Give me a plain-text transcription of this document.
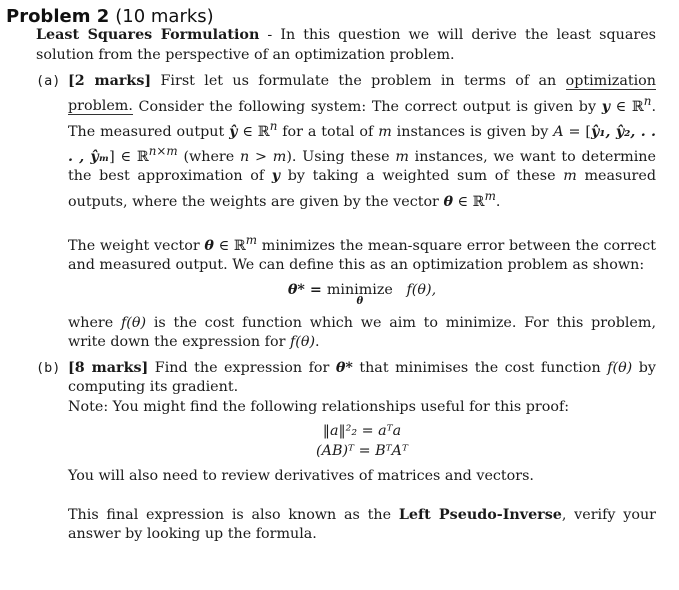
Problem 2 (10 marks)
Least Squares Formulation - In this question we will derive the least squares solution from the perspective of an optimization problem.
(a) [2 marks] First let us formulate the problem in terms of an optimization problem. Consider the following system: The correct output is given by y ∈ ℝ$^n$. The measured output ŷ ∈ ℝ$^n$ for a total of m instances is given by A = [ŷ₁, ŷ₂, . . . , ŷₘ] ∈ ℝ$^{n\times m}$ (where n > m). Using these m instances, we want to determine the best approximation of y by taking a weighted sum of these m measured outputs, where the weights are given by the vector θ ∈ ℝ$^m$.
The weight vector θ ∈ ℝ$^m$ minimizes the mean-square error between the correct and measured output. We can define this as an optimization problem as shown:
θ* = minimize
θ
f(θ),
where f(θ) is the cost function which we aim to minimize. For this problem, write down the expression for f(θ).
(b) [8 marks] Find the expression for θ* that minimises the cost function f(θ) by computing its gradient.
Note: You might find the following relationships useful for this proof:
‖a‖²₂ = aᵀa
(AB)ᵀ = BᵀAᵀ
You will also need to review derivatives of matrices and vectors.
This final expression is also known as the Left Pseudo-Inverse, verify your answer by looking up the formula.
